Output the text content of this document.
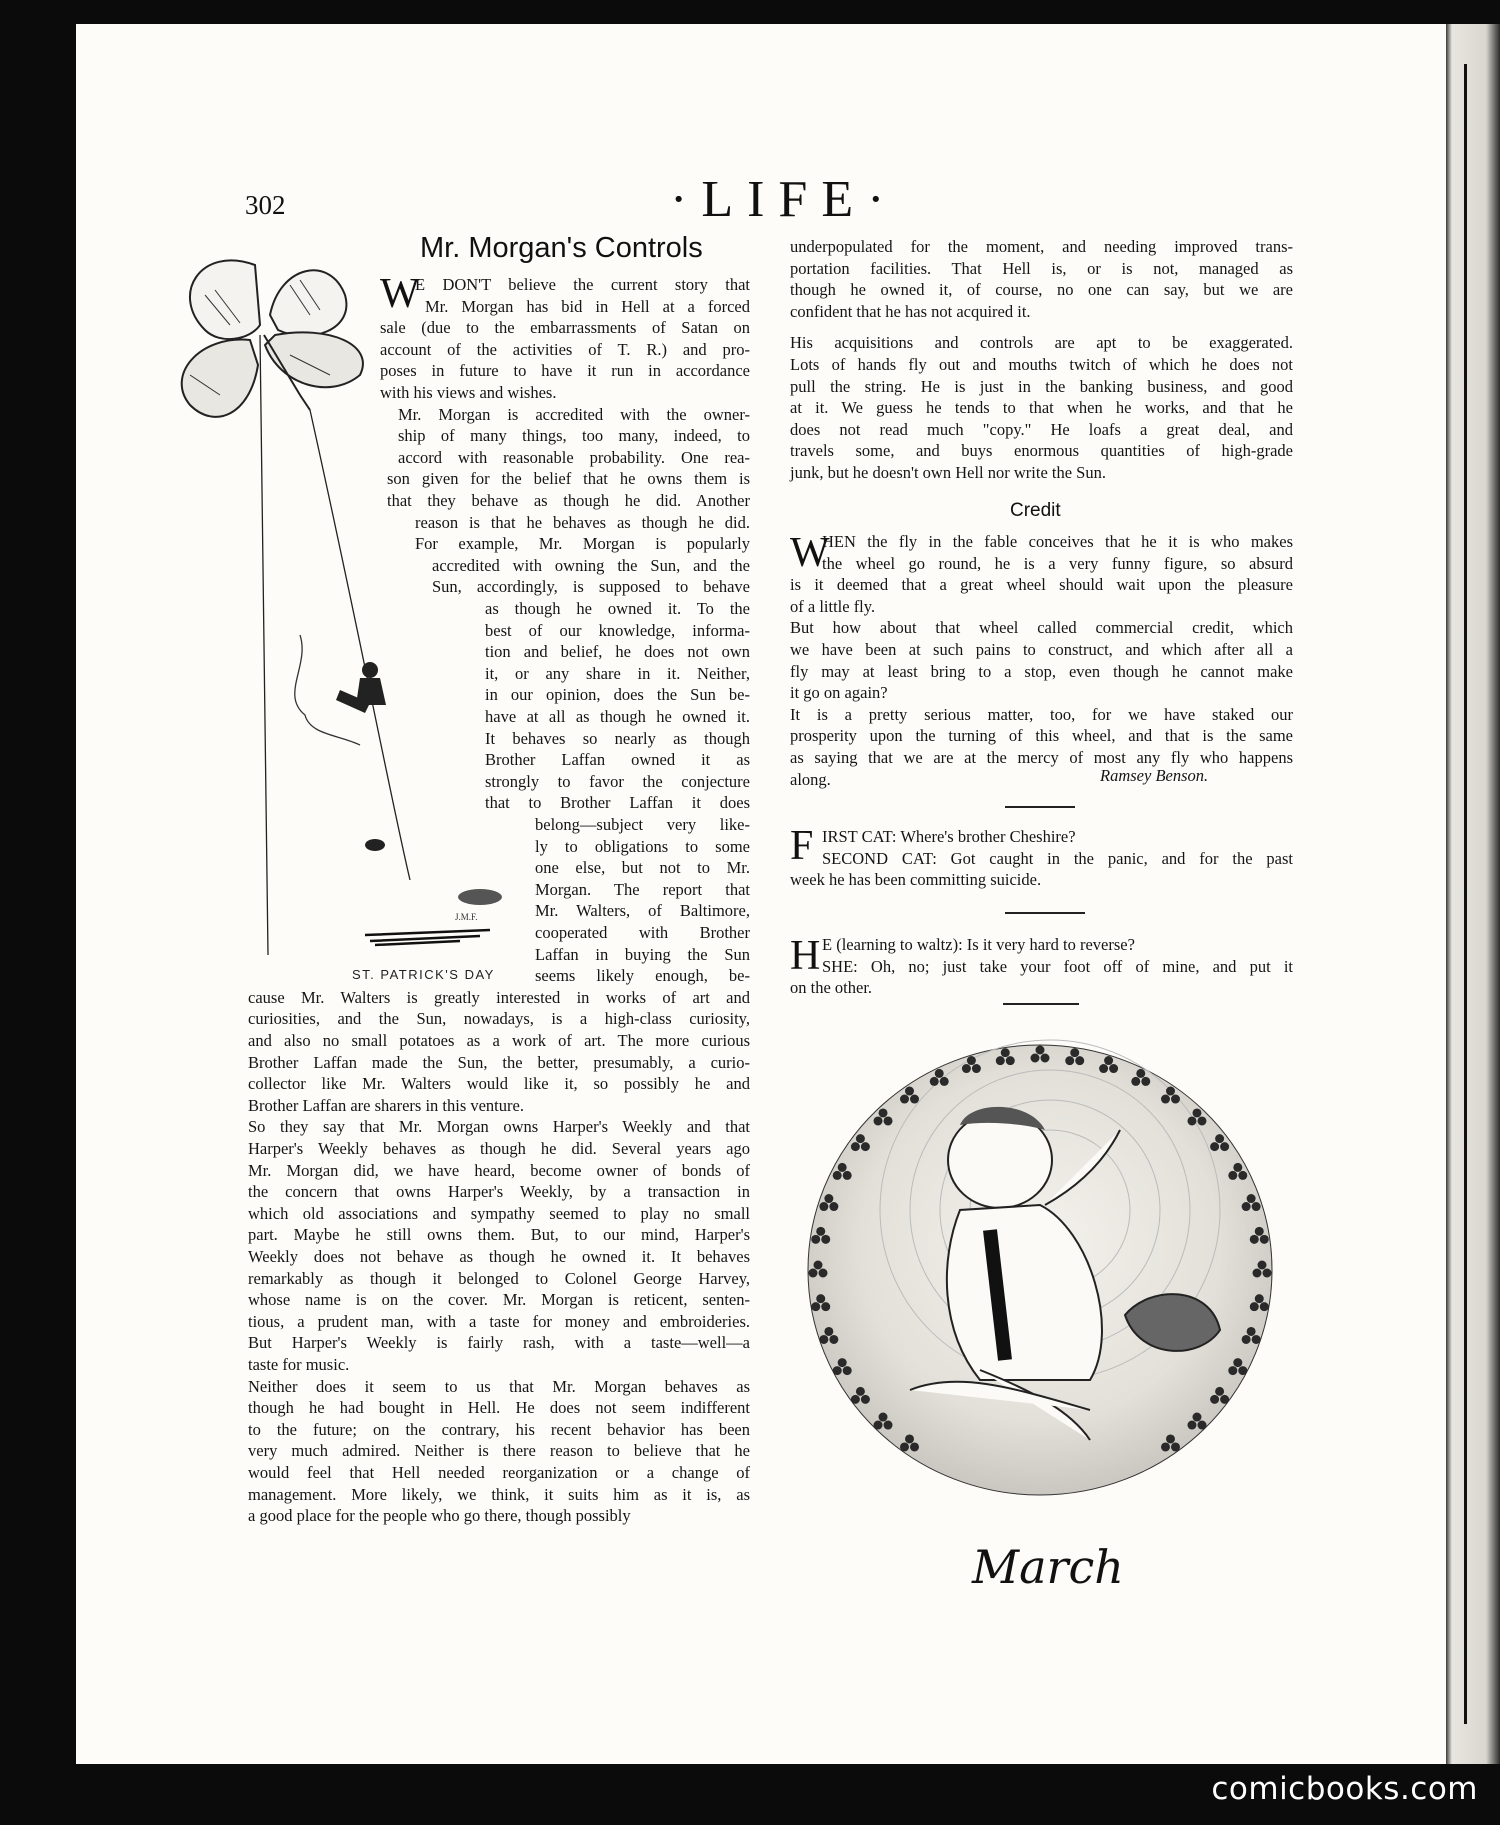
302	·LIFE·
Mr. Morgan's Controls
W
E DON'T believe the current story that
Mr. Morgan has bid in Hell at a forced
sale (due to the embarrassments of Satan on
account of the activities of T. R.) and pro-
poses in future to have it run in accordance
with his views and wishes.
Mr. Morgan is accredited with the owner-
ship of many things, too many, indeed, to
accord with reasonable probability. One rea-
son given for the belief that he owns them is
that they behave as though he did. Another
reason is that he behaves as though he did.
For example, Mr. Morgan is popularly
accredited with owning the Sun, and the
Sun, accordingly, is supposed to behave
as though he owned it. To the
best of our knowledge, informa-
tion and belief, he does not own
it, or any share in it. Neither,
in our opinion, does the Sun be-
have at all as though he owned it.
It behaves so nearly as though
Brother Laffan owned it as
strongly to favor the conjecture
that to Brother Laffan it does
belong—subject very like-
ly to obligations to some
one else, but not to Mr.
Morgan. The report that
Mr. Walters, of Baltimore,
cooperated with Brother
Laffan in buying the Sun
seems likely enough, be-
cause Mr. Walters is greatly interested in works of art and
curiosities, and the Sun, nowadays, is a high-class curiosity,
and also no small potatoes as a work of art. The more curious
Brother Laffan made the Sun, the better, presumably, a curio-
collector like Mr. Walters would like it, so possibly he and
Brother Laffan are sharers in this venture.
So they say that Mr. Morgan owns Harper's Weekly and that
Harper's Weekly behaves as though he did. Several years ago
Mr. Morgan did, we have heard, become owner of bonds of
the concern that owns Harper's Weekly, by a transaction in
which old associations and sympathy seemed to play no small
part. Maybe he still owns them. But, to our mind, Harper's
Weekly does not behave as though he owned it. It behaves
remarkably as though it belonged to Colonel George Harvey,
whose name is on the cover. Mr. Morgan is reticent, senten-
tious, a prudent man, with a taste for money and embroideries.
But Harper's Weekly is fairly rash, with a taste—well—a
taste for music.
Neither does it seem to us that Mr. Morgan behaves as
though he had bought in Hell. He does not seem indifferent
to the future; on the contrary, his recent behavior has been
very much admired. Neither is there reason to believe that he
would feel that Hell needed reorganization or a change of
management. More likely, we think, it suits him as it is, as
a good place for the people who go there, though possibly
ST. PATRICK'S DAY
J.M.F.
underpopulated for the moment, and needing improved trans-
portation facilities. That Hell is, or is not, managed as
though he owned it, of course, no one can say, but we are
confident that he has not acquired it.
His acquisitions and controls are apt to be exaggerated.
Lots of hands fly out and mouths twitch of which he does not
pull the string. He is just in the banking business, and good
at it. We guess he tends to that when he works, and that he
does not read much "copy." He loafs a great deal, and
travels some, and buys enormous quantities of high-grade
junk, but he doesn't own Hell nor write the Sun.
Credit
W
HEN the fly in the fable conceives that he it is who makes
the wheel go round, he is a very funny figure, so absurd
is it deemed that a great wheel should wait upon the pleasure
of a little fly.
But how about that wheel called commercial credit, which
we have been at such pains to construct, and which after all a
fly may at least bring to a stop, even though he cannot make
it go on again?
It is a pretty serious matter, too, for we have staked our
prosperity upon the turning of this wheel, and that is the same
as saying that we are at the mercy of most any fly who happens
along.	Ramsey Benson.
F IRST CAT: Where's brother Cheshire?
SECOND CAT: Got caught in the panic, and for the past
week he has been committing suicide.
H E (learning to waltz): Is it very hard to reverse?
SHE: Oh, no; just take your foot off of mine, and put it
on the other.
March
comicbooks.com
